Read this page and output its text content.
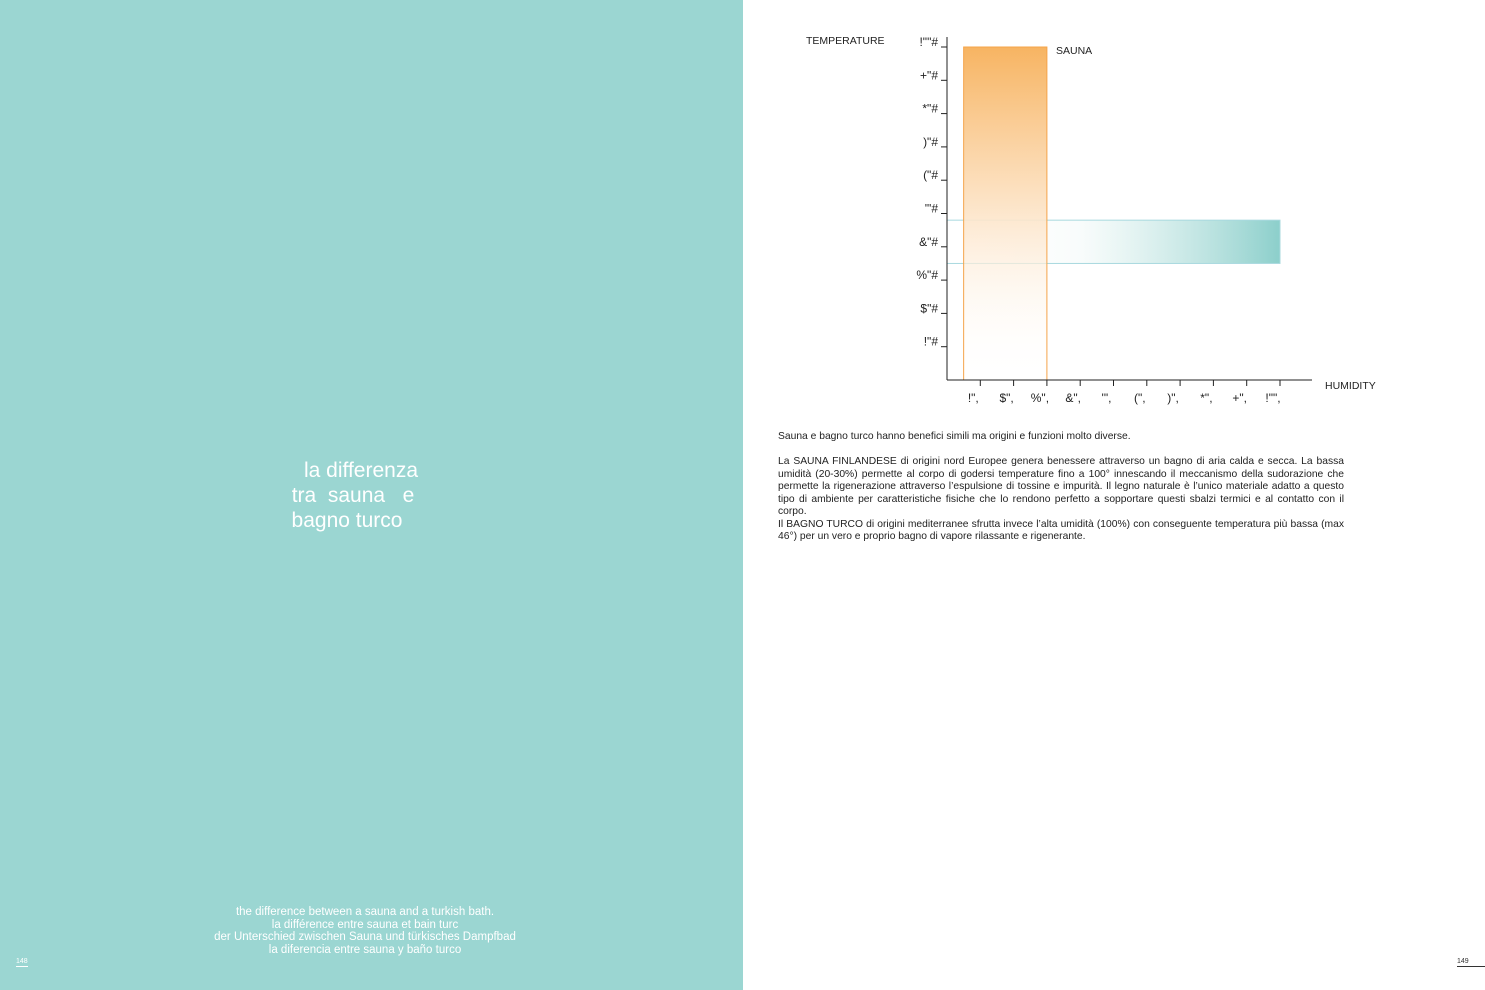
la differenza
tra  sauna   e
bagno turco
the difference between a sauna and a turkish bath.
la différence entre sauna et bain turc
der Unterschied zwischen Sauna und türkisches Dampfbad
la diferencia entre sauna y baño turco
148
TEMPERATURE
HUMIDITY
!"#
$"#
%"#
&"#
'"#
("#
)"#
*"#
+"#
!""#
!", $", %", &", '", (", )", *", +", !"",
SAUNA

Sauna e bagno turco hanno benefici simili ma origini e funzioni molto diverse.

La SAUNA FINLANDESE di origini nord Europee genera benessere attraverso un bagno di aria calda e secca. La bassa umidità (20-30%) permette al corpo di godersi temperature fino a 100° innescando il meccanismo della sudorazione che permette la rigenerazione attraverso l’espulsione di tossine e impurità. Il legno naturale è l’unico materiale adatto a questo tipo di ambiente per caratteristiche fisiche che lo rendono perfetto a sopportare questi sbalzi termici e al contatto con il corpo.

Il BAGNO TURCO di origini mediterranee sfrutta invece l’alta umidità (100%) con conseguente temperatura più bassa (max 46°) per un vero e proprio bagno di vapore rilassante e rigenerante.

149
